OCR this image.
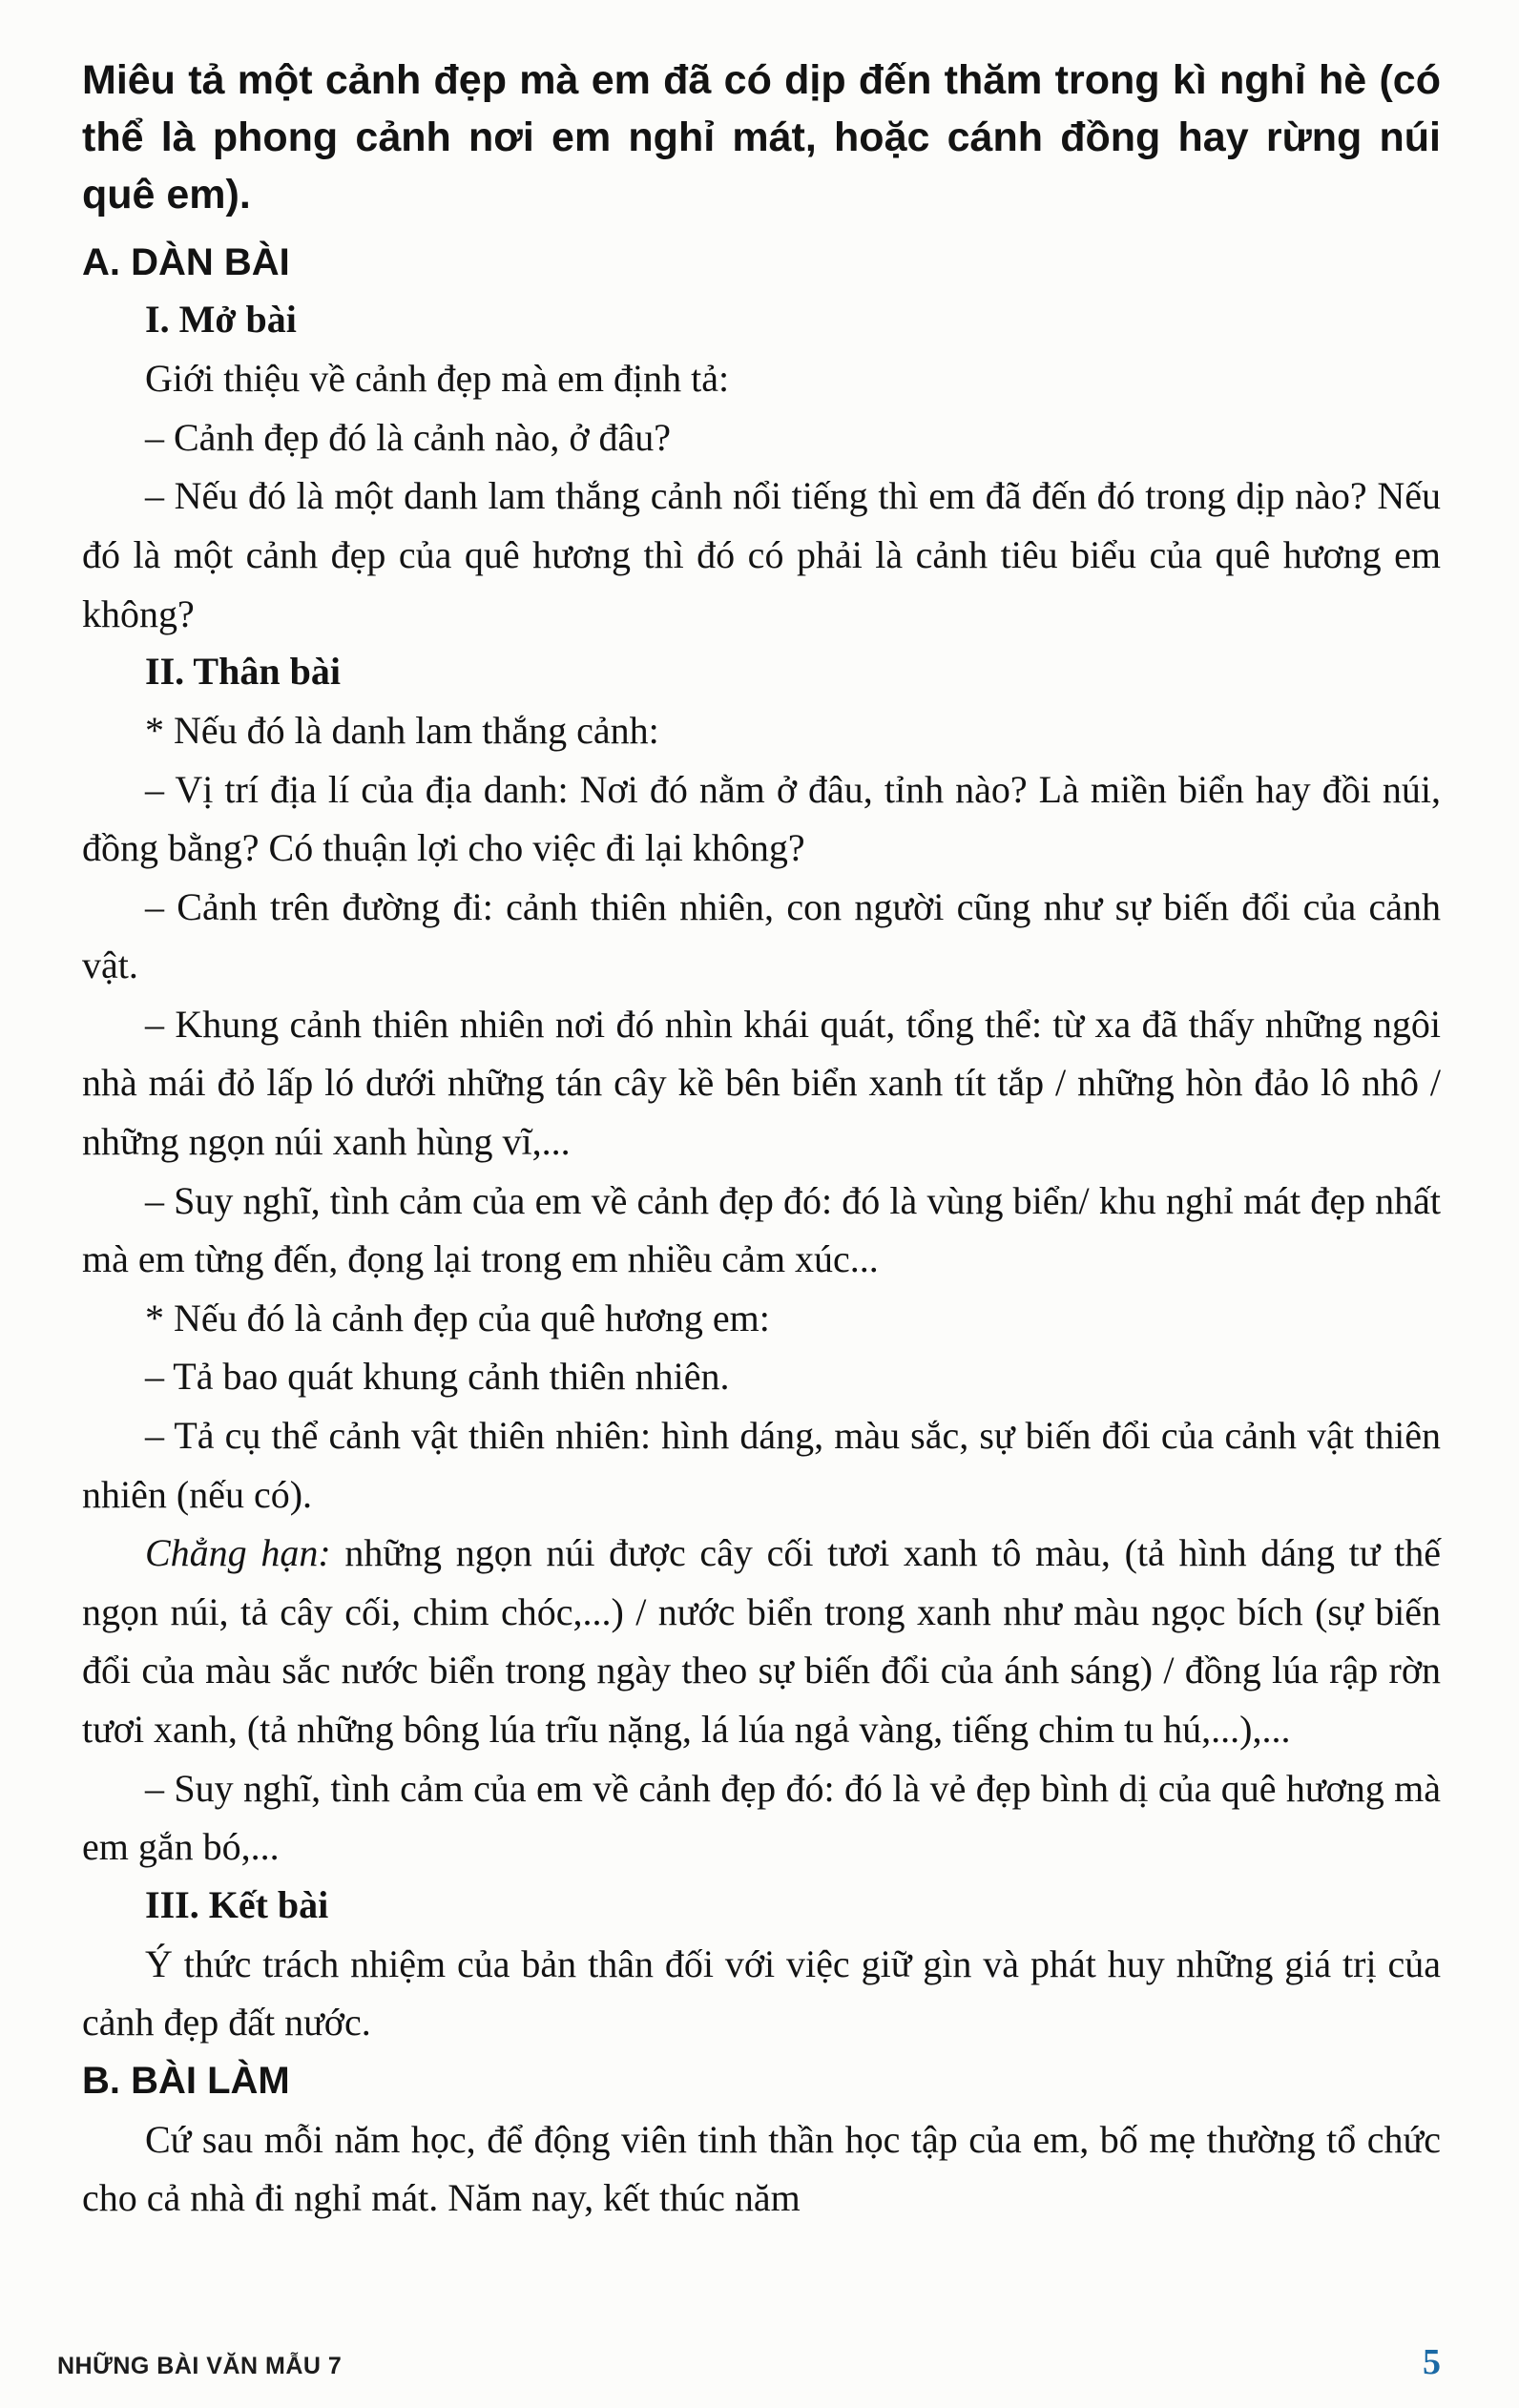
Miêu tả một cảnh đẹp mà em đã có dịp đến thăm trong kì nghỉ hè (có thể là phong cảnh nơi em nghỉ mát, hoặc cánh đồng hay rừng núi quê em).

A. DÀN BÀI

I. Mở bài

Giới thiệu về cảnh đẹp mà em định tả:

– Cảnh đẹp đó là cảnh nào, ở đâu?

– Nếu đó là một danh lam thắng cảnh nổi tiếng thì em đã đến đó trong dịp nào? Nếu đó là một cảnh đẹp của quê hương thì đó có phải là cảnh tiêu biểu của quê hương em không?

II. Thân bài

* Nếu đó là danh lam thắng cảnh:

– Vị trí địa lí của địa danh: Nơi đó nằm ở đâu, tỉnh nào? Là miền biển hay đồi núi, đồng bằng? Có thuận lợi cho việc đi lại không?

– Cảnh trên đường đi: cảnh thiên nhiên, con người cũng như sự biến đổi của cảnh vật.

– Khung cảnh thiên nhiên nơi đó nhìn khái quát, tổng thể: từ xa đã thấy những ngôi nhà mái đỏ lấp ló dưới những tán cây kề bên biển xanh tít tắp / những hòn đảo lô nhô / những ngọn núi xanh hùng vĩ,...

– Suy nghĩ, tình cảm của em về cảnh đẹp đó: đó là vùng biển/ khu nghỉ mát đẹp nhất mà em từng đến, đọng lại trong em nhiều cảm xúc...

* Nếu đó là cảnh đẹp của quê hương em:

– Tả bao quát khung cảnh thiên nhiên.

– Tả cụ thể cảnh vật thiên nhiên: hình dáng, màu sắc, sự biến đổi của cảnh vật thiên nhiên (nếu có).

Chẳng hạn: những ngọn núi được cây cối tươi xanh tô màu, (tả hình dáng tư thế ngọn núi, tả cây cối, chim chóc,...) / nước biển trong xanh như màu ngọc bích (sự biến đổi của màu sắc nước biển trong ngày theo sự biến đổi của ánh sáng) / đồng lúa rập rờn tươi xanh, (tả những bông lúa trĩu nặng, lá lúa ngả vàng, tiếng chim tu hú,...),...

– Suy nghĩ, tình cảm của em về cảnh đẹp đó: đó là vẻ đẹp bình dị của quê hương mà em gắn bó,...

III. Kết bài

Ý thức trách nhiệm của bản thân đối với việc giữ gìn và phát huy những giá trị của cảnh đẹp đất nước.

B. BÀI LÀM

Cứ sau mỗi năm học, để động viên tinh thần học tập của em, bố mẹ thường tổ chức cho cả nhà đi nghỉ mát. Năm nay, kết thúc năm

NHỮNG BÀI VĂN MẪU 7	5
